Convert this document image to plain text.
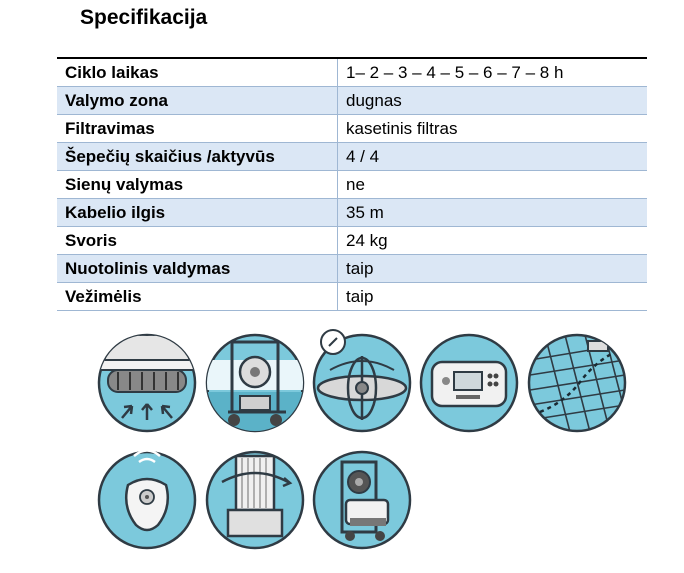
Specifikacija
Ciklo laikas	1– 2 – 3 – 4 – 5 – 6 – 7 – 8 h
Valymo zona	dugnas
Filtravimas	kasetinis filtras
Šepečių skaičius /aktyvūs	4 / 4
Sienų valymas	ne
Kabelio ilgis	35 m
Svoris	24 kg
Nuotolinis valdymas	taip
Vežimėlis	taip
